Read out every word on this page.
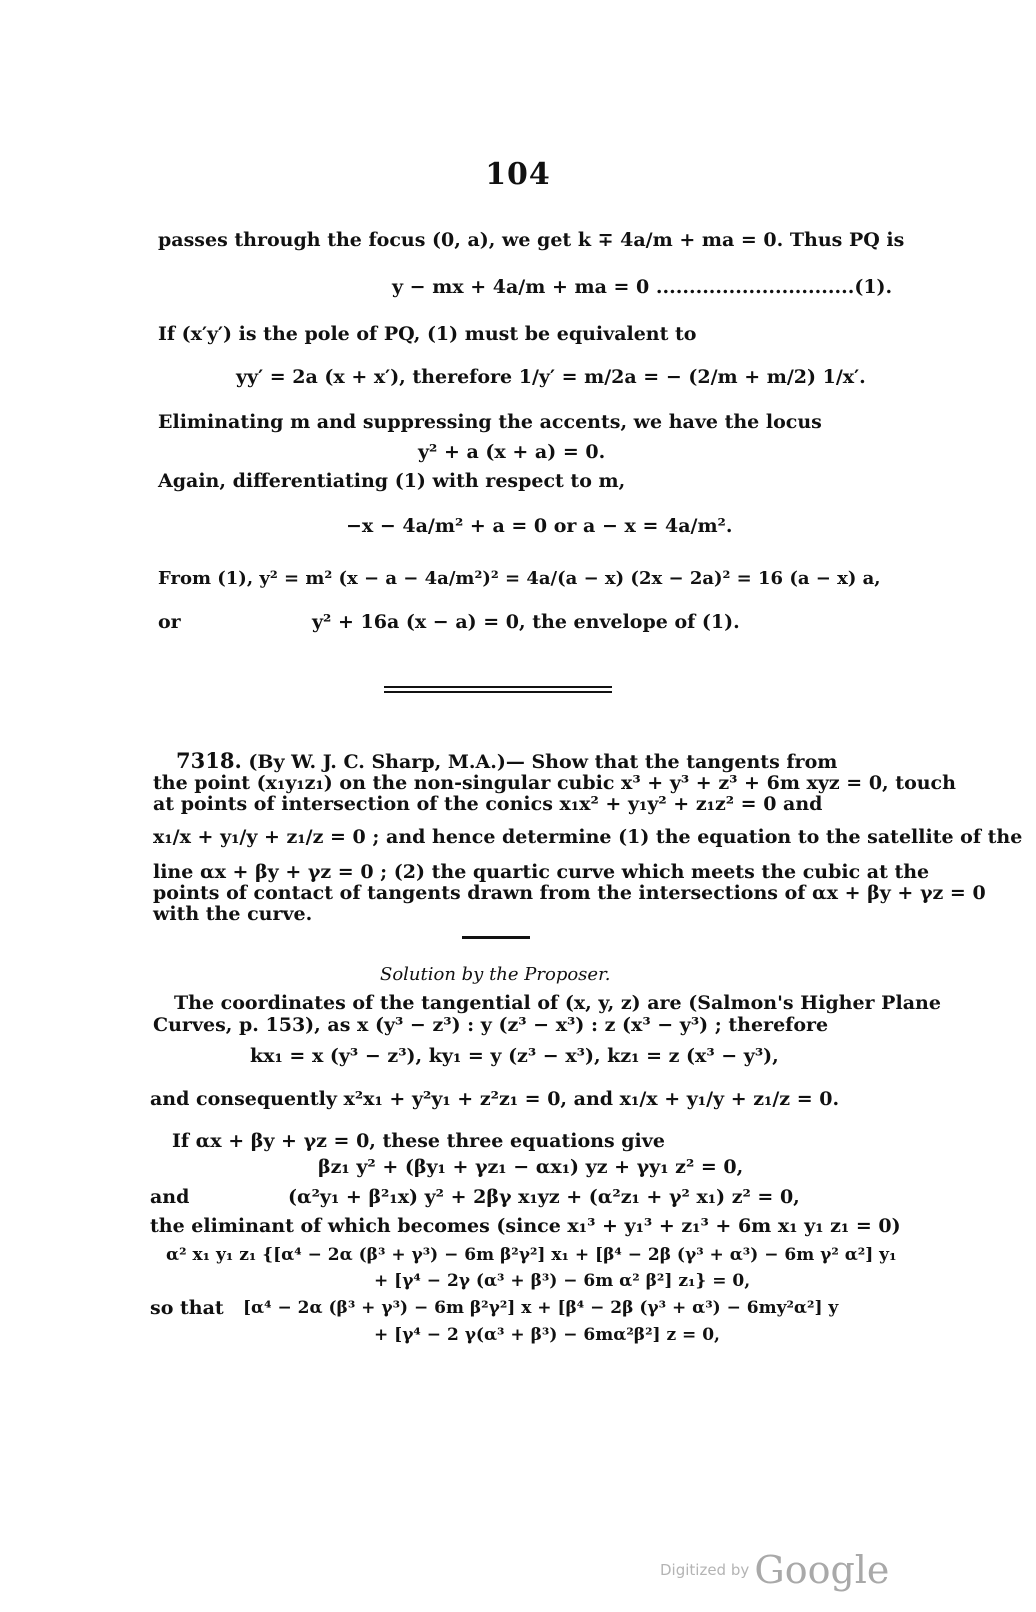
104
passes through the focus (0, a), we get k ∓ 4a/m + ma = 0. Thus PQ is
y − mx + 4a/m + ma = 0 ..............................(1).
If (x′y′) is the pole of PQ, (1) must be equivalent to
yy′ = 2a (x + x′), therefore 1/y′ = m/2a = − (2/m + m/2) 1/x′.
Eliminating m and suppressing the accents, we have the locus
y² + a (x + a) = 0.
Again, differentiating (1) with respect to m,
−x − 4a/m² + a = 0 or a − x = 4a/m².
From (1), y² = m² (x − a − 4a/m²)² = 4a/(a − x) (2x − 2a)² = 16 (a − x) a,
or	y² + 16a (x − a) = 0, the envelope of (1).
7318. (By W. J. C. Sharp, M.A.)— Show that the tangents from
the point (x₁y₁z₁) on the non-singular cubic x³ + y³ + z³ + 6m xyz = 0, touch
at points of intersection of the conics x₁x² + y₁y² + z₁z² = 0 and
x₁/x + y₁/y + z₁/z = 0 ; and hence determine (1) the equation to the satellite of the
line αx + βy + γz = 0 ; (2) the quartic curve which meets the cubic at the
points of contact of tangents drawn from the intersections of αx + βy + γz = 0
with the curve.
Solution by the Proposer.
The coordinates of the tangential of (x, y, z) are (Salmon's Higher Plane
Curves, p. 153), as x (y³ − z³) : y (z³ − x³) : z (x³ − y³) ; therefore
kx₁ = x (y³ − z³), ky₁ = y (z³ − x³), kz₁ = z (x³ − y³),
and consequently x²x₁ + y²y₁ + z²z₁ = 0, and x₁/x + y₁/y + z₁/z = 0.
If αx + βy + γz = 0, these three equations give
βz₁ y² + (βy₁ + γz₁ − αx₁) yz + γy₁ z² = 0,
and	(α²y₁ + β²₁x) y² + 2βγ x₁yz + (α²z₁ + γ² x₁) z² = 0,
the eliminant of which becomes (since x₁³ + y₁³ + z₁³ + 6m x₁ y₁ z₁ = 0)
α² x₁ y₁ z₁ {[α⁴ − 2α (β³ + γ³) − 6m β²γ²] x₁ + [β⁴ − 2β (γ³ + α³) − 6m γ² α²] y₁
+ [γ⁴ − 2γ (α³ + β³) − 6m α² β²] z₁} = 0,
so that [α⁴ − 2α (β³ + γ³) − 6m β²γ²] x + [β⁴ − 2β (γ³ + α³) − 6my²α²] y
+ [γ⁴ − 2 γ(α³ + β³) − 6mα²β²] z = 0,
Digitized by Google
